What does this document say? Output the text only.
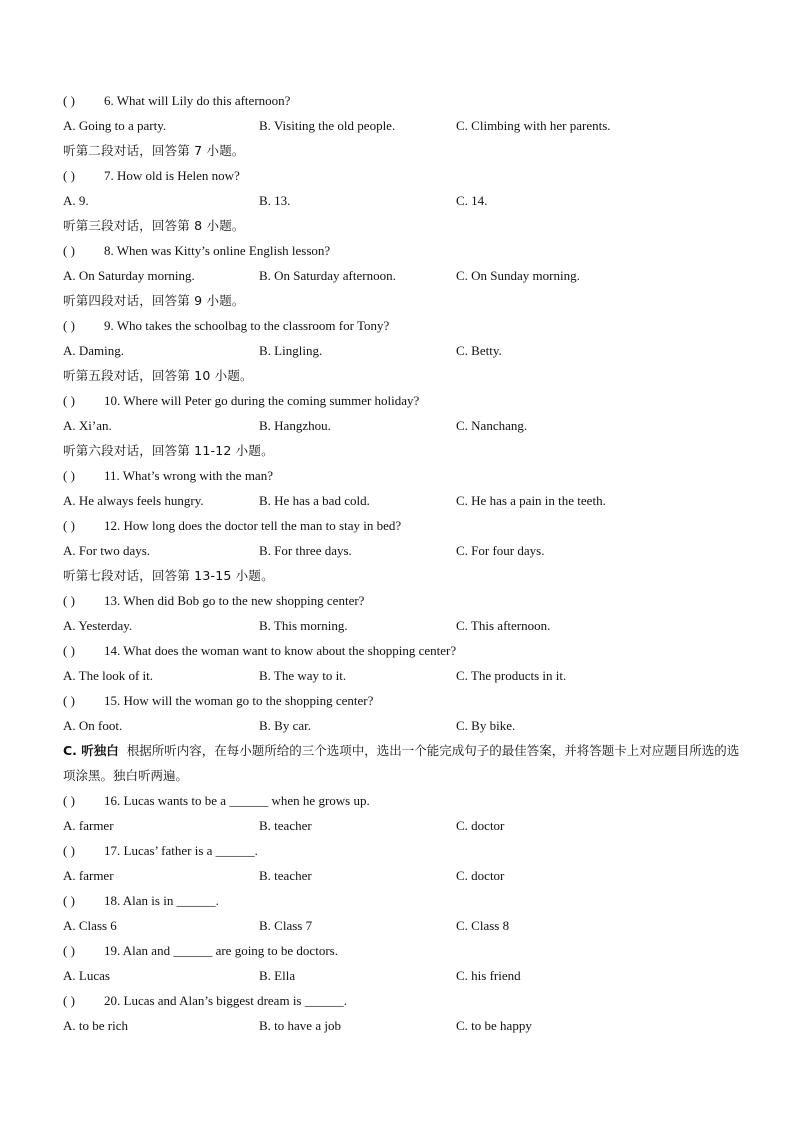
( ) 6. What will Lily do this afternoon?
A. Going to a party.	B. Visiting the old people.	C. Climbing with her parents.
听第二段对话，回答第 7 小题。
( ) 7. How old is Helen now?
A. 9.	B. 13.	C. 14.
听第三段对话，回答第 8 小题。
( ) 8. When was Kitty’s online English lesson?
A. On Saturday morning.	B. On Saturday afternoon.	C. On Sunday morning.
听第四段对话，回答第 9 小题。
( ) 9. Who takes the schoolbag to the classroom for Tony?
A. Daming.	B. Lingling.	C. Betty.
听第五段对话，回答第 10 小题。
( ) 10. Where will Peter go during the coming summer holiday?
A. Xi’an.	B. Hangzhou.	C. Nanchang.
听第六段对话，回答第 11-12 小题。
( ) 11. What’s wrong with the man?
A. He always feels hungry.	B. He has a bad cold.	C. He has a pain in the teeth.
( ) 12. How long does the doctor tell the man to stay in bed?
A. For two days.	B. For three days.	C. For four days.
听第七段对话，回答第 13-15 小题。
( ) 13. When did Bob go to the new shopping center?
A. Yesterday.	B. This morning.	C. This afternoon.
( ) 14. What does the woman want to know about the shopping center?
A. The look of it.	B. The way to it.	C. The products in it.
( ) 15. How will the woman go to the shopping center?
A. On foot.	B. By car.	C. By bike.
C. 听独白 根据所听内容，在每小题所给的三个选项中，选出一个能完成句子的最佳答案，并将答题卡上对应题目所选的选项涂黑。独白听两遍。
( ) 16. Lucas wants to be a ______ when he grows up.
A. farmer	B. teacher	C. doctor
( ) 17. Lucas’ father is a ______.
A. farmer	B. teacher	C. doctor
( ) 18. Alan is in ______.
A. Class 6	B. Class 7	C. Class 8
( ) 19. Alan and ______ are going to be doctors.
A. Lucas	B. Ella	C. his friend
( ) 20. Lucas and Alan’s biggest dream is ______.
A. to be rich	B. to have a job	C. to be happy
